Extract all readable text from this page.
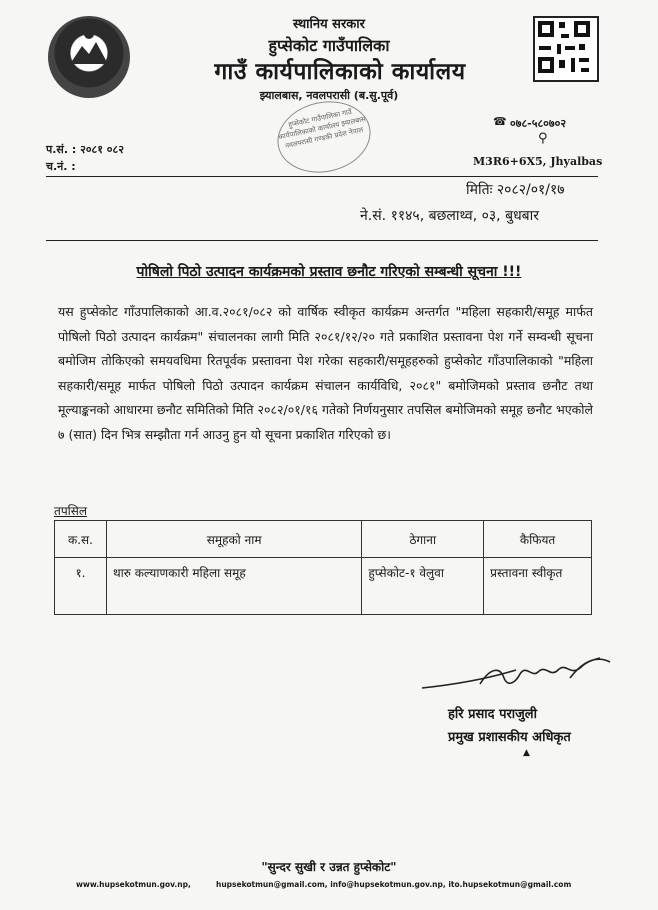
स्थानिय सरकार
हुप्सेकोट गाउँपालिका
गाउँ कार्यपालिकाको कार्यालय
झ्यालबास, नवलपरासी (ब.सु.पूर्व)
हुप्सेकोट गाउँपालिका गाउँ कार्यपालिकाको कार्यालय झ्यालबास नवलपरासी गण्डकी प्रदेश नेपाल
☎ ०७८-५८०७०२
⚲
M3R6+6X5, Jhyalbas
प.सं. : २०८१ ०८२
च.नं. :
मितिः २०८२/०१/१७
ने.सं. ११४५, बछलाथ्व, ०३, बुधबार
पोषिलो पिठो उत्पादन कार्यक्रमको प्रस्ताव छनौट गरिएको सम्बन्धी सूचना !!!
यस हुप्सेकोट गाँउपालिकाको आ.व.२०८१/०८२ को वार्षिक स्वीकृत कार्यक्रम अन्तर्गत "महिला सहकारी/समूह मार्फत पोषिलो पिठो उत्पादन कार्यक्रम" संचालनका लागी मिति २०८१/१२/२० गते प्रकाशित प्रस्तावना पेश गर्ने सम्वन्धी सूचना बमोजिम तोकिएको समयवधिमा रितपूर्वक प्रस्तावना पेश गरेका सहकारी/समूहहरुको हुप्सेकोट गाँउपालिकाको "महिला सहकारी/समूह मार्फत पोषिलो पिठो उत्पादन कार्यक्रम संचालन कार्यविधि, २०८१" बमोजिमको प्रस्ताव छनौट तथा मूल्याङ्कनको आधारमा छनौट समितिको मिति २०८२/०१/१६ गतेको निर्णयनुसार तपसिल बमोजिमको समूह छनौट भएकोले ७ (सात) दिन भित्र सम्झौता गर्न आउनु हुन यो सूचना प्रकाशित गरिएको छ।
तपसिल
क.स.	समूहको नाम	ठेगाना	कैफियत
१.	थारु कल्याणकारी महिला समूह	हुप्सेकोट-१ वेलुवा	प्रस्तावना स्वीकृत
हरि प्रसाद पराजुली
प्रमुख प्रशासकीय अधिकृत
▲
"सुन्दर सुखी र उन्नत हुप्सेकोट"
www.hupsekotmun.gov.np,	hupsekotmun@gmail.com, info@hupsekotmun.gov.np, ito.hupsekotmun@gmail.com
